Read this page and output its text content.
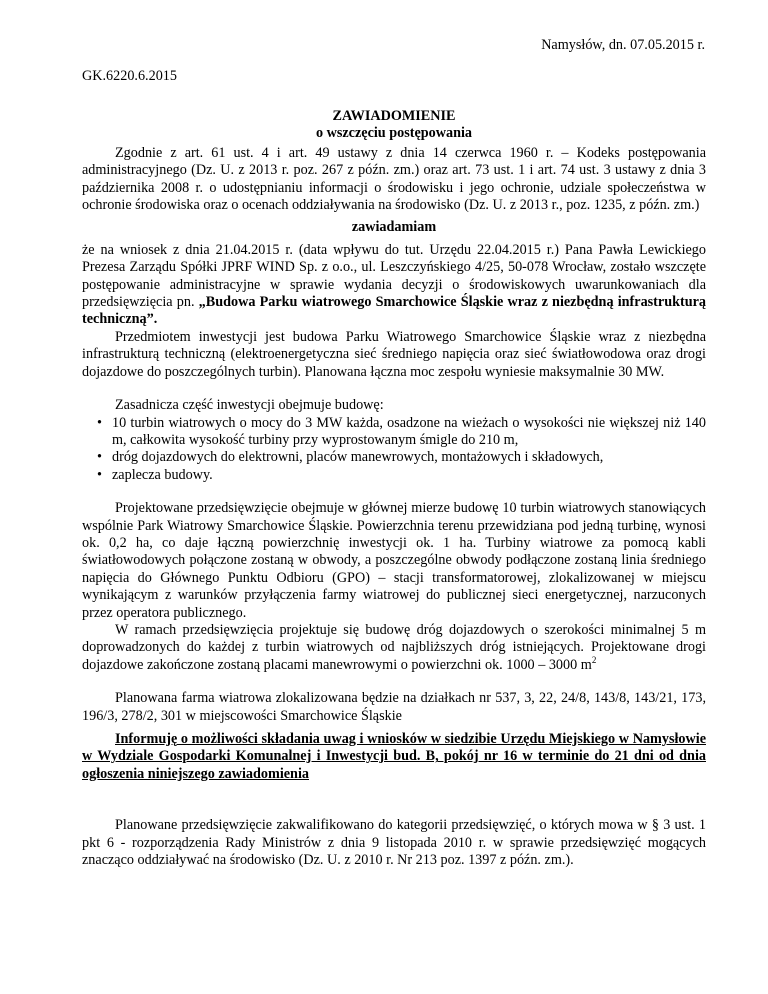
Namysłów, dn. 07.05.2015 r.
GK.6220.6.2015

ZAWIADOMIENIE

o wszczęciu postępowania

Zgodnie z art. 61 ust. 4 i art. 49 ustawy z dnia 14 czerwca 1960 r. – Kodeks postępowania administracyjnego (Dz. U. z 2013 r. poz. 267 z późn. zm.) oraz art. 73 ust. 1 i art. 74 ust. 3 ustawy z dnia 3 października 2008 r. o udostępnianiu informacji o środowisku i jego ochronie, udziale społeczeństwa w ochronie środowiska oraz o ocenach oddziaływania na środowisko (Dz. U. z 2013 r., poz. 1235, z późn. zm.)

zawiadamiam

że na wniosek z dnia 21.04.2015 r. (data wpływu do tut. Urzędu 22.04.2015 r.) Pana Pawła Lewickiego Prezesa Zarządu Spółki JPRF WIND Sp. z o.o., ul. Leszczyńskiego 4/25, 50-078 Wrocław, zostało wszczęte postępowanie administracyjne w sprawie wydania decyzji o środowiskowych uwarunkowaniach dla przedsięwzięcia pn. „Budowa Parku wiatrowego Smarchowice Śląskie wraz z niezbędną infrastrukturą techniczną”.

Przedmiotem inwestycji jest budowa Parku Wiatrowego Smarchowice Śląskie wraz z niezbędna infrastrukturą techniczną (elektroenergetyczna sieć średniego napięcia oraz sieć światłowodowa oraz drogi dojazdowe do poszczególnych turbin). Planowana łączna moc zespołu wyniesie maksymalnie 30 MW.

Zasadnicza część inwestycji obejmuje budowę:

• 10 turbin wiatrowych o mocy do 3 MW każda, osadzone na wieżach o wysokości nie większej niż 140 m, całkowita wysokość turbiny przy wyprostowanym śmigle do 210 m,
• dróg dojazdowych do elektrowni, placów manewrowych, montażowych i składowych,
• zaplecza budowy.

Projektowane przedsięwzięcie obejmuje w głównej mierze budowę 10 turbin wiatrowych stanowiących wspólnie Park Wiatrowy Smarchowice Śląskie. Powierzchnia terenu przewidziana pod jedną turbinę, wynosi ok. 0,2 ha, co daje łączną powierzchnię inwestycji ok. 1 ha. Turbiny wiatrowe za pomocą kabli światłowodowych połączone zostaną w obwody, a poszczególne obwody podłączone zostaną linia średniego napięcia do Głównego Punktu Odbioru (GPO) – stacji transformatorowej, zlokalizowanej w miejscu wynikającym z warunków przyłączenia farmy wiatrowej do publicznej sieci energetycznej, narzuconych przez operatora publicznego.

W ramach przedsięwzięcia projektuje się budowę dróg dojazdowych o szerokości minimalnej 5 m doprowadzonych do każdej z turbin wiatrowych od najbliższych dróg istniejących. Projektowane drogi dojazdowe zakończone zostaną placami manewrowymi o powierzchni ok. 1000 – 3000 $m^2$

Planowana farma wiatrowa zlokalizowana będzie na działkach nr 537, 3, 22, 24/8, 143/8, 143/21, 173, 196/3, 278/2, 301 w miejscowości Smarchowice Śląskie

Informuję o możliwości składania uwag i wniosków w siedzibie Urzędu Miejskiego w Namysłowie w Wydziale Gospodarki Komunalnej i Inwestycji bud. B, pokój nr 16 w terminie do 21 dni od dnia ogłoszenia niniejszego zawiadomienia

Planowane przedsięwzięcie zakwalifikowano do kategorii przedsięwzięć, o których mowa w § 3 ust. 1 pkt 6 - rozporządzenia Rady Ministrów z dnia 9 listopada 2010 r. w sprawie przedsięwzięć mogących znacząco oddziaływać na środowisko (Dz. U. z 2010 r. Nr 213 poz. 1397 z późn. zm.).
